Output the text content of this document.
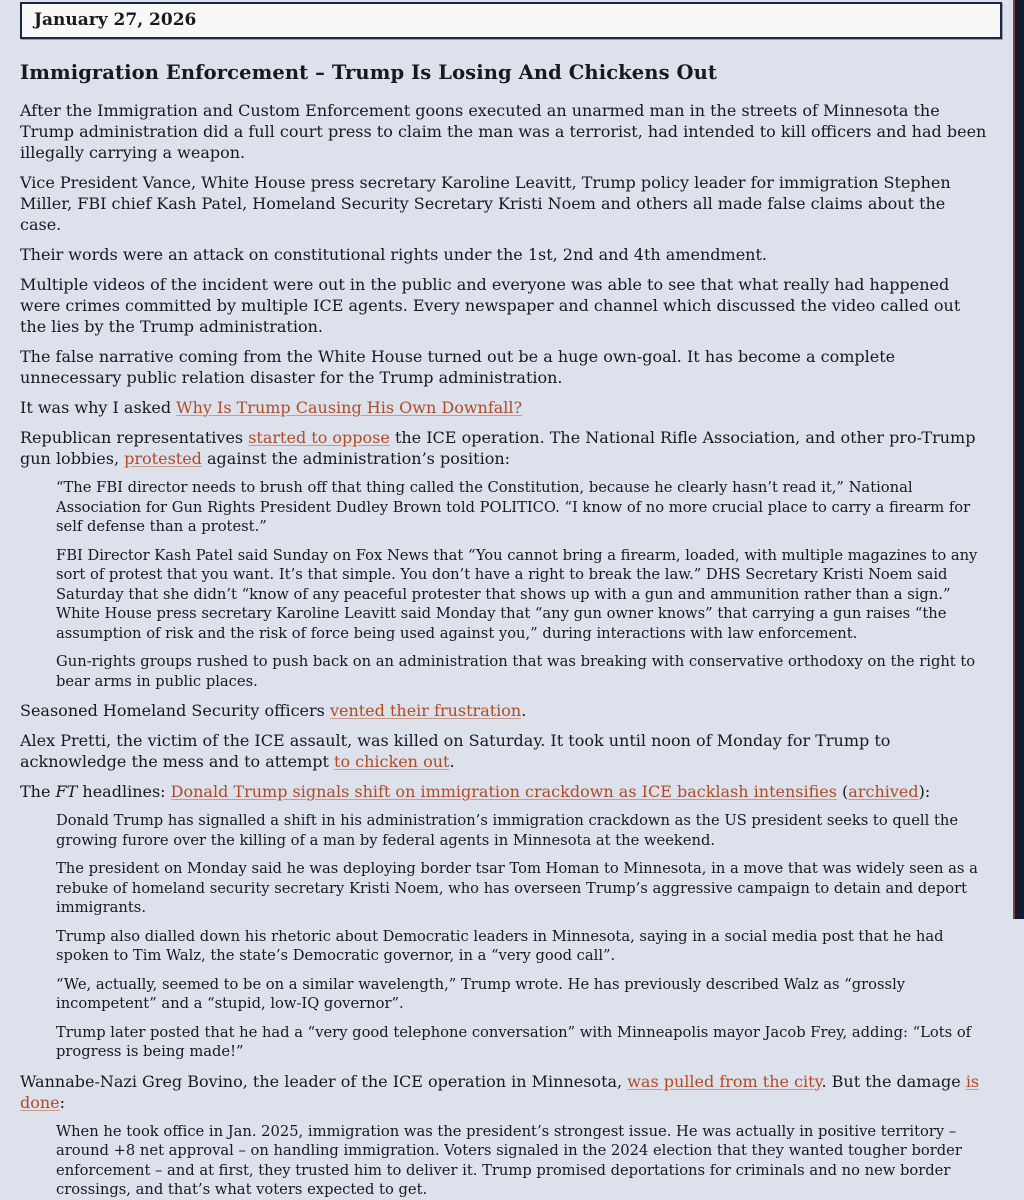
January 27, 2026
Immigration Enforcement – Trump Is Losing And Chickens Out

After the Immigration and Custom Enforcement goons executed an unarmed man in the streets of Minnesota the Trump administration did a full court press to claim the man was a terrorist, had intended to kill officers and had been illegally carrying a weapon.

Vice President Vance, White House press secretary Karoline Leavitt, Trump policy leader for immigration Stephen Miller, FBI chief Kash Patel, Homeland Security Secretary Kristi Noem and others all made false claims about the case.

Their words were an attack on constitutional rights under the 1st, 2nd and 4th amendment.

Multiple videos of the incident were out in the public and everyone was able to see that what really had happened were crimes committed by multiple ICE agents. Every newspaper and channel which discussed the video called out the lies by the Trump administration.

The false narrative coming from the White House turned out be a huge own-goal. It has become a complete unnecessary public relation disaster for the Trump administration.

It was why I asked Why Is Trump Causing His Own Downfall?

Republican representatives started to oppose the ICE operation. The National Rifle Association, and other pro-Trump gun lobbies, protested against the administration’s position:

“The FBI director needs to brush off that thing called the Constitution, because he clearly hasn’t read it,” National Association for Gun Rights President Dudley Brown told POLITICO. “I know of no more crucial place to carry a firearm for self defense than a protest.”
FBI Director Kash Patel said Sunday on Fox News that “You cannot bring a firearm, loaded, with multiple magazines to any sort of protest that you want. It’s that simple. You don’t have a right to break the law.” DHS Secretary Kristi Noem said Saturday that she didn’t “know of any peaceful protester that shows up with a gun and ammunition rather than a sign.” White House press secretary Karoline Leavitt said Monday that “any gun owner knows” that carrying a gun raises “the assumption of risk and the risk of force being used against you,” during interactions with law enforcement.
Gun-rights groups rushed to push back on an administration that was breaking with conservative orthodoxy on the right to bear arms in public places.

Seasoned Homeland Security officers vented their frustration.

Alex Pretti, the victim of the ICE assault, was killed on Saturday. It took until noon of Monday for Trump to acknowledge the mess and to attempt to chicken out.

The FT headlines: Donald Trump signals shift on immigration crackdown as ICE backlash intensifies (archived):

Donald Trump has signalled a shift in his administration’s immigration crackdown as the US president seeks to quell the growing furore over the killing of a man by federal agents in Minnesota at the weekend.
The president on Monday said he was deploying border tsar Tom Homan to Minnesota, in a move that was widely seen as a rebuke of homeland security secretary Kristi Noem, who has overseen Trump’s aggressive campaign to detain and deport immigrants.
Trump also dialled down his rhetoric about Democratic leaders in Minnesota, saying in a social media post that he had spoken to Tim Walz, the state’s Democratic governor, in a “very good call”.
“We, actually, seemed to be on a similar wavelength,” Trump wrote. He has previously described Walz as “grossly incompetent” and a “stupid, low-IQ governor”.
Trump later posted that he had a “very good telephone conversation” with Minneapolis mayor Jacob Frey, adding: “Lots of progress is being made!”

Wannabe-Nazi Greg Bovino, the leader of the ICE operation in Minnesota, was pulled from the city. But the damage is done:

When he took office in Jan. 2025, immigration was the president’s strongest issue. He was actually in positive territory – around +8 net approval – on handling immigration. Voters signaled in the 2024 election that they wanted tougher border enforcement – and at first, they trusted him to deliver it. Trump promised deportations for criminals and no new border crossings, and that’s what voters expected to get.
